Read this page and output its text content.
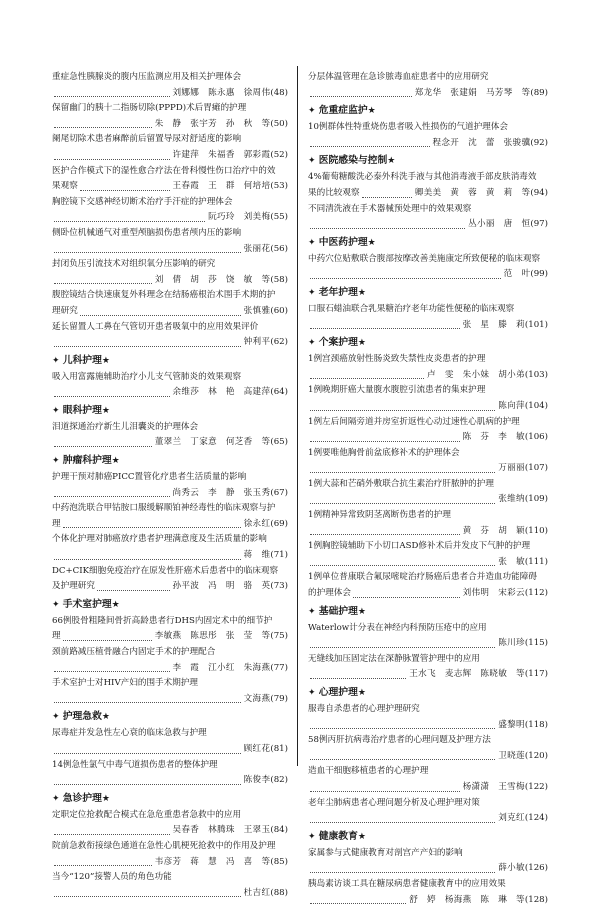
重症急性胰腺炎的腹内压监测应用及相关护理体会
刘娜娜　陈永惠　徐周伟 (48)
保留幽门的胰十二指肠切除(PPPD)术后胃瘫的护理
朱　静　张宇芳　孙　秋　等 (50)
阑尾切除术患者麻醉前后留置导尿对舒适度的影响
许建萍　朱福香　郭彩霞 (52)
医护合作模式下的湿性愈合疗法在骨科慢性伤口治疗中的效
果观察	王春霞　王　群　何培培 (53)
胸腔镜下交感神经切断术治疗手汗症的护理体会
阮巧玲　刘美梅 (55)
侧卧位机械通气对重型颅脑损伤患者颅内压的影响
张丽花 (56)
封闭负压引流技术对组织氧分压影响的研究
刘　倩　胡　莎　饶　敏　等 (58)
腹腔镜结合快速康复外科理念在结肠癌根治术围手术期的护
理研究	张慎雅 (60)
延长留置人工鼻在气管切开患者吸氧中的应用效果评价
钟利平 (62)
✦ 儿科护理★
吸入用富露施辅助治疗小儿支气管肺炎的效果观察
余维莎　林　艳　高建萍 (64)
✦ 眼科护理★
泪道探通治疗新生儿泪囊炎的护理体会
董翠兰　丁家意　何芝香　等 (65)
✦ 肿瘤科护理★
护理干预对肺癌PICC置管化疗患者生活质量的影响
尚秀云　李　静　张玉秀 (67)
中药泡洗联合甲钴胺口服缓解顺铂神经毒性的临床观察与护
理	徐永红 (69)
个体化护理对肺癌放疗患者护理满意度及生活质量的影响
蒋　维 (71)
DC+CIK细胞免疫治疗在原发性肝癌术后患者中的临床观察
及护理研究	孙平波　冯　明　骆　英 (73)
✦ 手术室护理★
66例股骨粗隆间骨折高龄患者行DHS内固定术中的细节护
理	李敏燕　陈思彤　张　莹　等 (75)
颈前路减压植骨融合内固定手术的护理配合
李　霞　江小红　朱海燕 (77)
手术室护士对HIV产妇的围手术期护理
文海燕 (79)
✦ 护理急救★
尿毒症并发急性左心衰的临床急救与护理
顾红花 (81)
14例急性氯气中毒气道损伤患者的整体护理
陈俊李 (82)
✦ 急诊护理★
定职定位抢救配合模式在急危重患者急救中的应用
吴春香　林腾珠　王翠玉 (84)
院前急救衔接绿色通道在急性心肌梗死抢救中的作用及护理
韦彦芳　蒋　慧　冯　喜　等 (85)
当今“120”接警人员的角色功能
杜吉红 (88)
分层体温管理在急诊脓毒血症患者中的应用研究
郑龙华　张建娟　马芳琴　等 (89)
✦ 危重症监护★
10例群体性特重烧伤患者吸入性损伤的气道护理体会
程念开　沈　蕾　张骏骥 (92)
✦ 医院感染与控制★
4%葡萄糖酸洗必泰外科洗手液与其他消毒液手部皮肤消毒效
果的比较观察	卿美美　黄　蓉　黄　莉　等 (94)
不同清洗液在手术器械预处理中的效果观察
丛小丽　唐　恒 (97)
✦ 中医药护理★
中药穴位贴敷联合腹部按摩改善美施康定所致便秘的临床观察
范　叶 (99)
✦ 老年护理★
口服石蜡油联合乳果糖治疗老年功能性便秘的临床观察
张　星　滕　莉 (101)
✦ 个案护理★
1例宫颈癌放射性肠炎致失禁性皮炎患者的护理
卢　雯　朱小妹　胡小弟 (103)
1例晚期肝癌大量腹水腹腔引流患者的集束护理
陈向萍 (104)
1例左后间隔旁道并房室折返性心动过速性心肌病的护理
陈　芬　李　敏 (106)
1例要唯他胸骨前盆底修补术的护理体会
万丽丽 (107)
1例大蒜和芒硝外敷联合抗生素治疗肝脓肿的护理
张维纳 (109)
1例精神异常致阴茎离断伤患者的护理
黄　芬　胡　颖 (110)
1例胸腔镜辅助下小切口ASD修补术后并发皮下气肿的护理
张　敏 (111)
1例单位普康联合氟尿嘧啶治疗肠癌后患者合并造血功能障碍
的护理体会	刘伟明　宋彩云 (112)
✦ 基础护理★
Waterlow计分表在神经内科预防压疮中的应用
陈川珍 (115)
无缝线加压固定法在深静脉置管护理中的应用
王水飞　麦志辉　陈晓敏　等 (117)
✦ 心理护理★
服毒自杀患者的心理护理研究
盛黎明 (118)
58例丙肝抗病毒治疗患者的心理问题及护理方法
卫晓莲 (120)
造血干细胞移植患者的心理护理
杨潇潇　王雪梅 (122)
老年尘肺病患者心理问题分析及心理护理对策
刘克红 (124)
✦ 健康教育★
家属参与式健康教育对剖宫产产妇的影响
薛小敏 (126)
胰岛素访谈工具在糖尿病患者健康教育中的应用效果
舒　婷　杨海燕　陈　琳　等 (128)
